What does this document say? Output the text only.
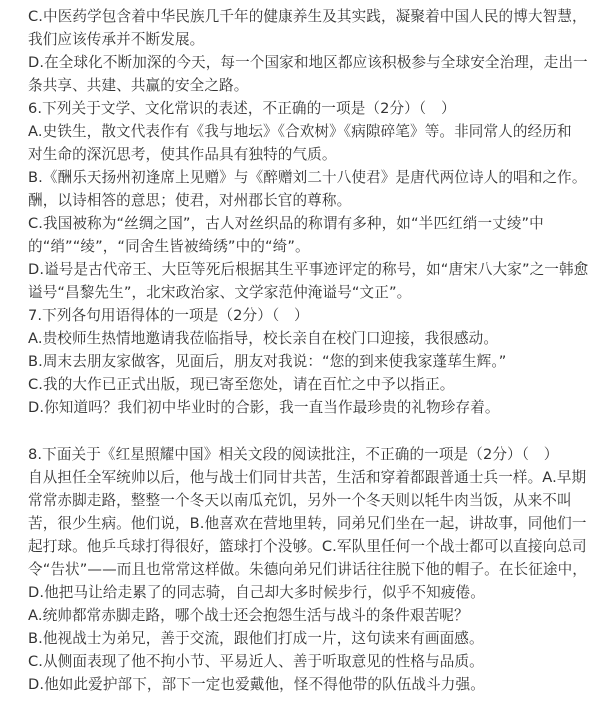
C.中医药学包含着中华民族几千年的健康养生及其实践，凝聚着中国人民的博大智慧，
我们应该传承并不断发展。
D.在全球化不断加深的今天，每一个国家和地区都应该积极参与全球安全治理，走出一
条共享、共建、共赢的安全之路。
6.下列关于文学、文化常识的表述，不正确的一项是（2分）（　）
A.史铁生，散文代表作有《我与地坛》《合欢树》《病隙碎笔》等。非同常人的经历和
对生命的深沉思考，使其作品具有独特的气质。
B.《酬乐天扬州初逢席上见赠》与《醉赠刘二十八使君》是唐代两位诗人的唱和之作。
酬，以诗相答的意思；使君，对州郡长官的尊称。
C.我国被称为“丝绸之国”，古人对丝织品的称谓有多种，如“半匹红绡一丈绫”中
的“绡”“绫”，“同舍生皆被绮绣”中的“绮”。
D.谥号是古代帝王、大臣等死后根据其生平事迹评定的称号，如“唐宋八大家”之一韩愈
谥号“昌黎先生”，北宋政治家、文学家范仲淹谥号“文正”。
7.下列各句用语得体的一项是（2分）（　）
A.贵校师生热情地邀请我莅临指导，校长亲自在校门口迎接，我很感动。
B.周末去朋友家做客，见面后，朋友对我说：“您的到来使我家蓬荜生辉。”
C.我的大作已正式出版，现已寄至您处，请在百忙之中予以指正。
D.你知道吗？我们初中毕业时的合影，我一直当作最珍贵的礼物珍存着。
8.下面关于《红星照耀中国》相关文段的阅读批注，不正确的一项是（2分）（　）
自从担任全军统帅以后，他与战士们同甘共苦，生活和穿着都跟普通士兵一样。A.早期
常常赤脚走路，整整一个冬天以南瓜充饥，另外一个冬天则以牦牛肉当饭，从来不叫
苦，很少生病。他们说，B.他喜欢在营地里转，同弟兄们坐在一起，讲故事，同他们一
起打球。他乒乓球打得很好，篮球打个没够。C.军队里任何一个战士都可以直接向总司
令“告状”——而且也常常这样做。朱德向弟兄们讲话往往脱下他的帽子。在长征途中，
D.他把马让给走累了的同志骑，自己却大多时候步行，似乎不知疲倦。
A.统帅都常赤脚走路，哪个战士还会抱怨生活与战斗的条件艰苦呢？
B.他视战士为弟兄，善于交流，跟他们打成一片，这句读来有画面感。
C.从侧面表现了他不拘小节、平易近人、善于听取意见的性格与品质。
D.他如此爱护部下，部下一定也爱戴他，怪不得他带的队伍战斗力强。
